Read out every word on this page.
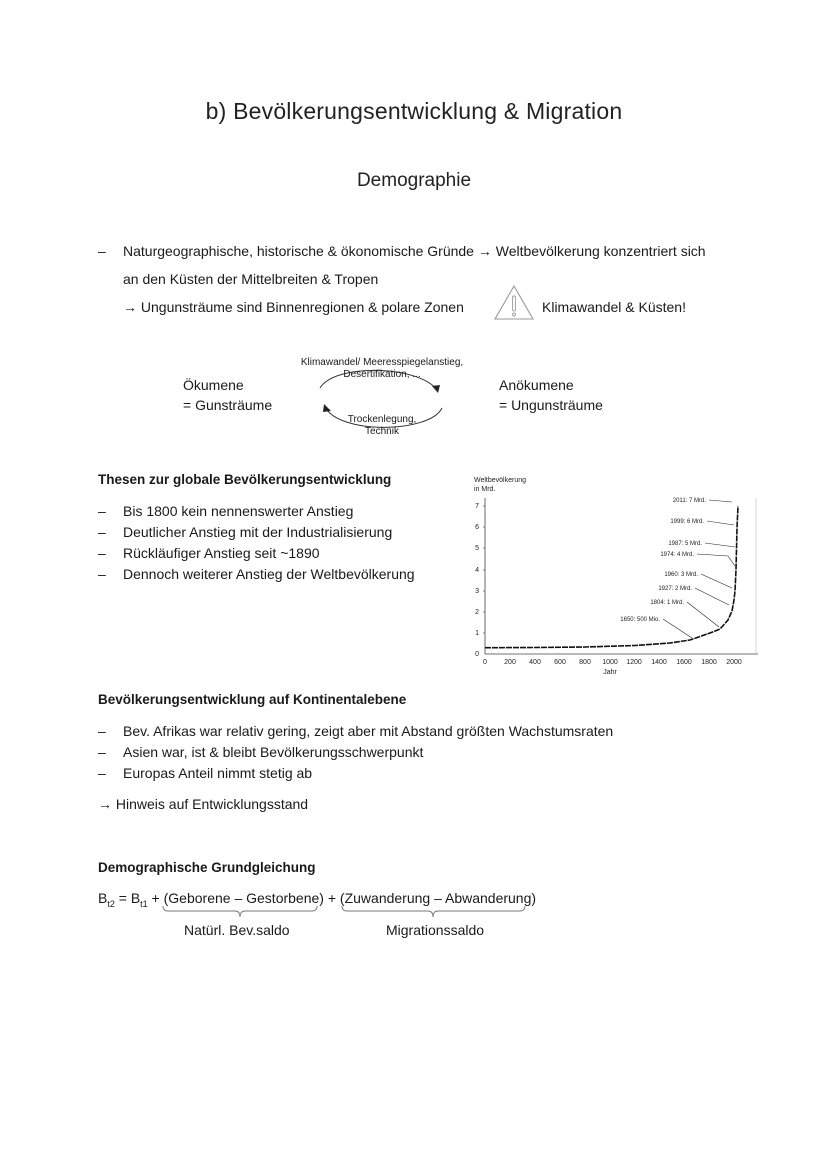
b) Bevölkerungsentwicklung & Migration
Demographie
–	Naturgeographische, historische & ökonomische Gründe → Weltbevölkerung konzentriert sich
an den Küsten der Mittelbreiten & Tropen
→ Ungunsträume sind Binnenregionen & polare Zonen	Klimawandel & Küsten!
Ökumene
= Gunsträume
Anökumene
= Ungunsträume
Klimawandel/ Meeresspiegelanstieg,
Desertifikation, ...
Trockenlegung,
Technik
Thesen zur globale Bevölkerungsentwicklung
–	Bis 1800 kein nennenswerter Anstieg
–	Deutlicher Anstieg mit der Industrialisierung
–	Rückläufiger Anstieg seit ~1890
–	Dennoch weiterer Anstieg der Weltbevölkerung
Weltbevölkerung
in Mrd.
0
1
2
3
4
5
6
7
0 200 400 600 800 1000 1200 1400 1600 1800 2000
Jahr
2011: 7 Mrd.
1999: 6 Mrd.
1987: 5 Mrd.
1974: 4 Mrd.
1960: 3 Mrd.
1927: 2 Mrd.
1804: 1 Mrd.
1650: 500 Mio.
Bevölkerungsentwicklung auf Kontinentalebene
–	Bev. Afrikas war relativ gering, zeigt aber mit Abstand größten Wachstumsraten
–	Asien war, ist & bleibt Bevölkerungsschwerpunkt
–	Europas Anteil nimmt stetig ab
→ Hinweis auf Entwicklungsstand
Demographische Grundgleichung
$B_{t2} = B_{t1}$ + (Geborene – Gestorbene) + (Zuwanderung – Abwanderung)
Natürl. Bev.saldo	Migrationssaldo
